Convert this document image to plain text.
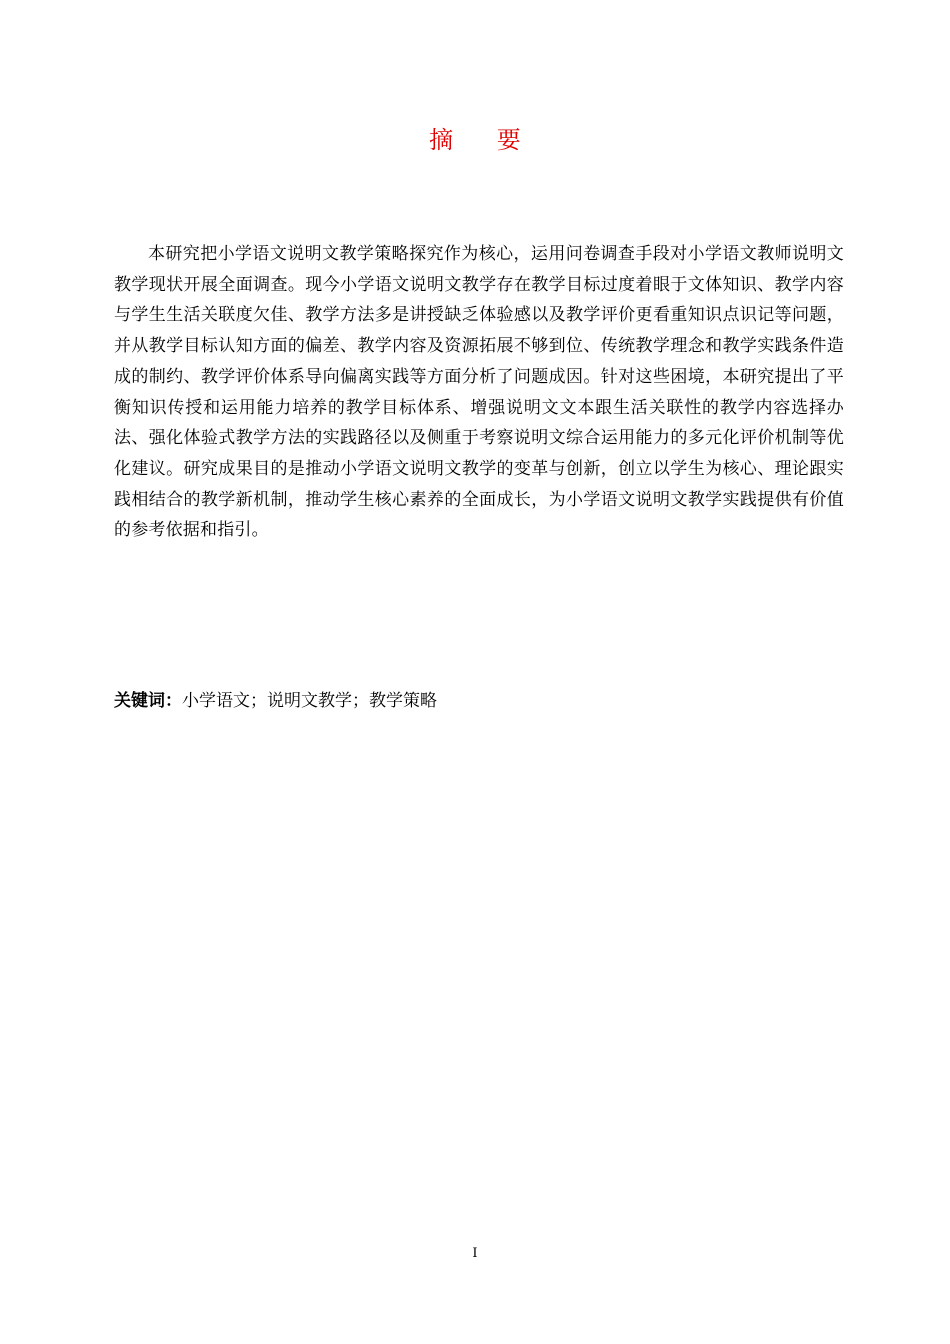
摘 要

本研究把小学语文说明文教学策略探究作为核心，运用问卷调查手段对小学语文教师说明文教学现状开展全面调查。现今小学语文说明文教学存在教学目标过度着眼于文体知识、教学内容与学生生活关联度欠佳、教学方法多是讲授缺乏体验感以及教学评价更看重知识点识记等问题，并从教学目标认知方面的偏差、教学内容及资源拓展不够到位、传统教学理念和教学实践条件造成的制约、教学评价体系导向偏离实践等方面分析了问题成因。针对这些困境，本研究提出了平衡知识传授和运用能力培养的教学目标体系、增强说明文文本跟生活关联性的教学内容选择办法、强化体验式教学方法的实践路径以及侧重于考察说明文综合运用能力的多元化评价机制等优化建议。研究成果目的是推动小学语文说明文教学的变革与创新，创立以学生为核心、理论跟实践相结合的教学新机制，推动学生核心素养的全面成长，为小学语文说明文教学实践提供有价值的参考依据和指引。

关键词：小学语文；说明文教学；教学策略
I
